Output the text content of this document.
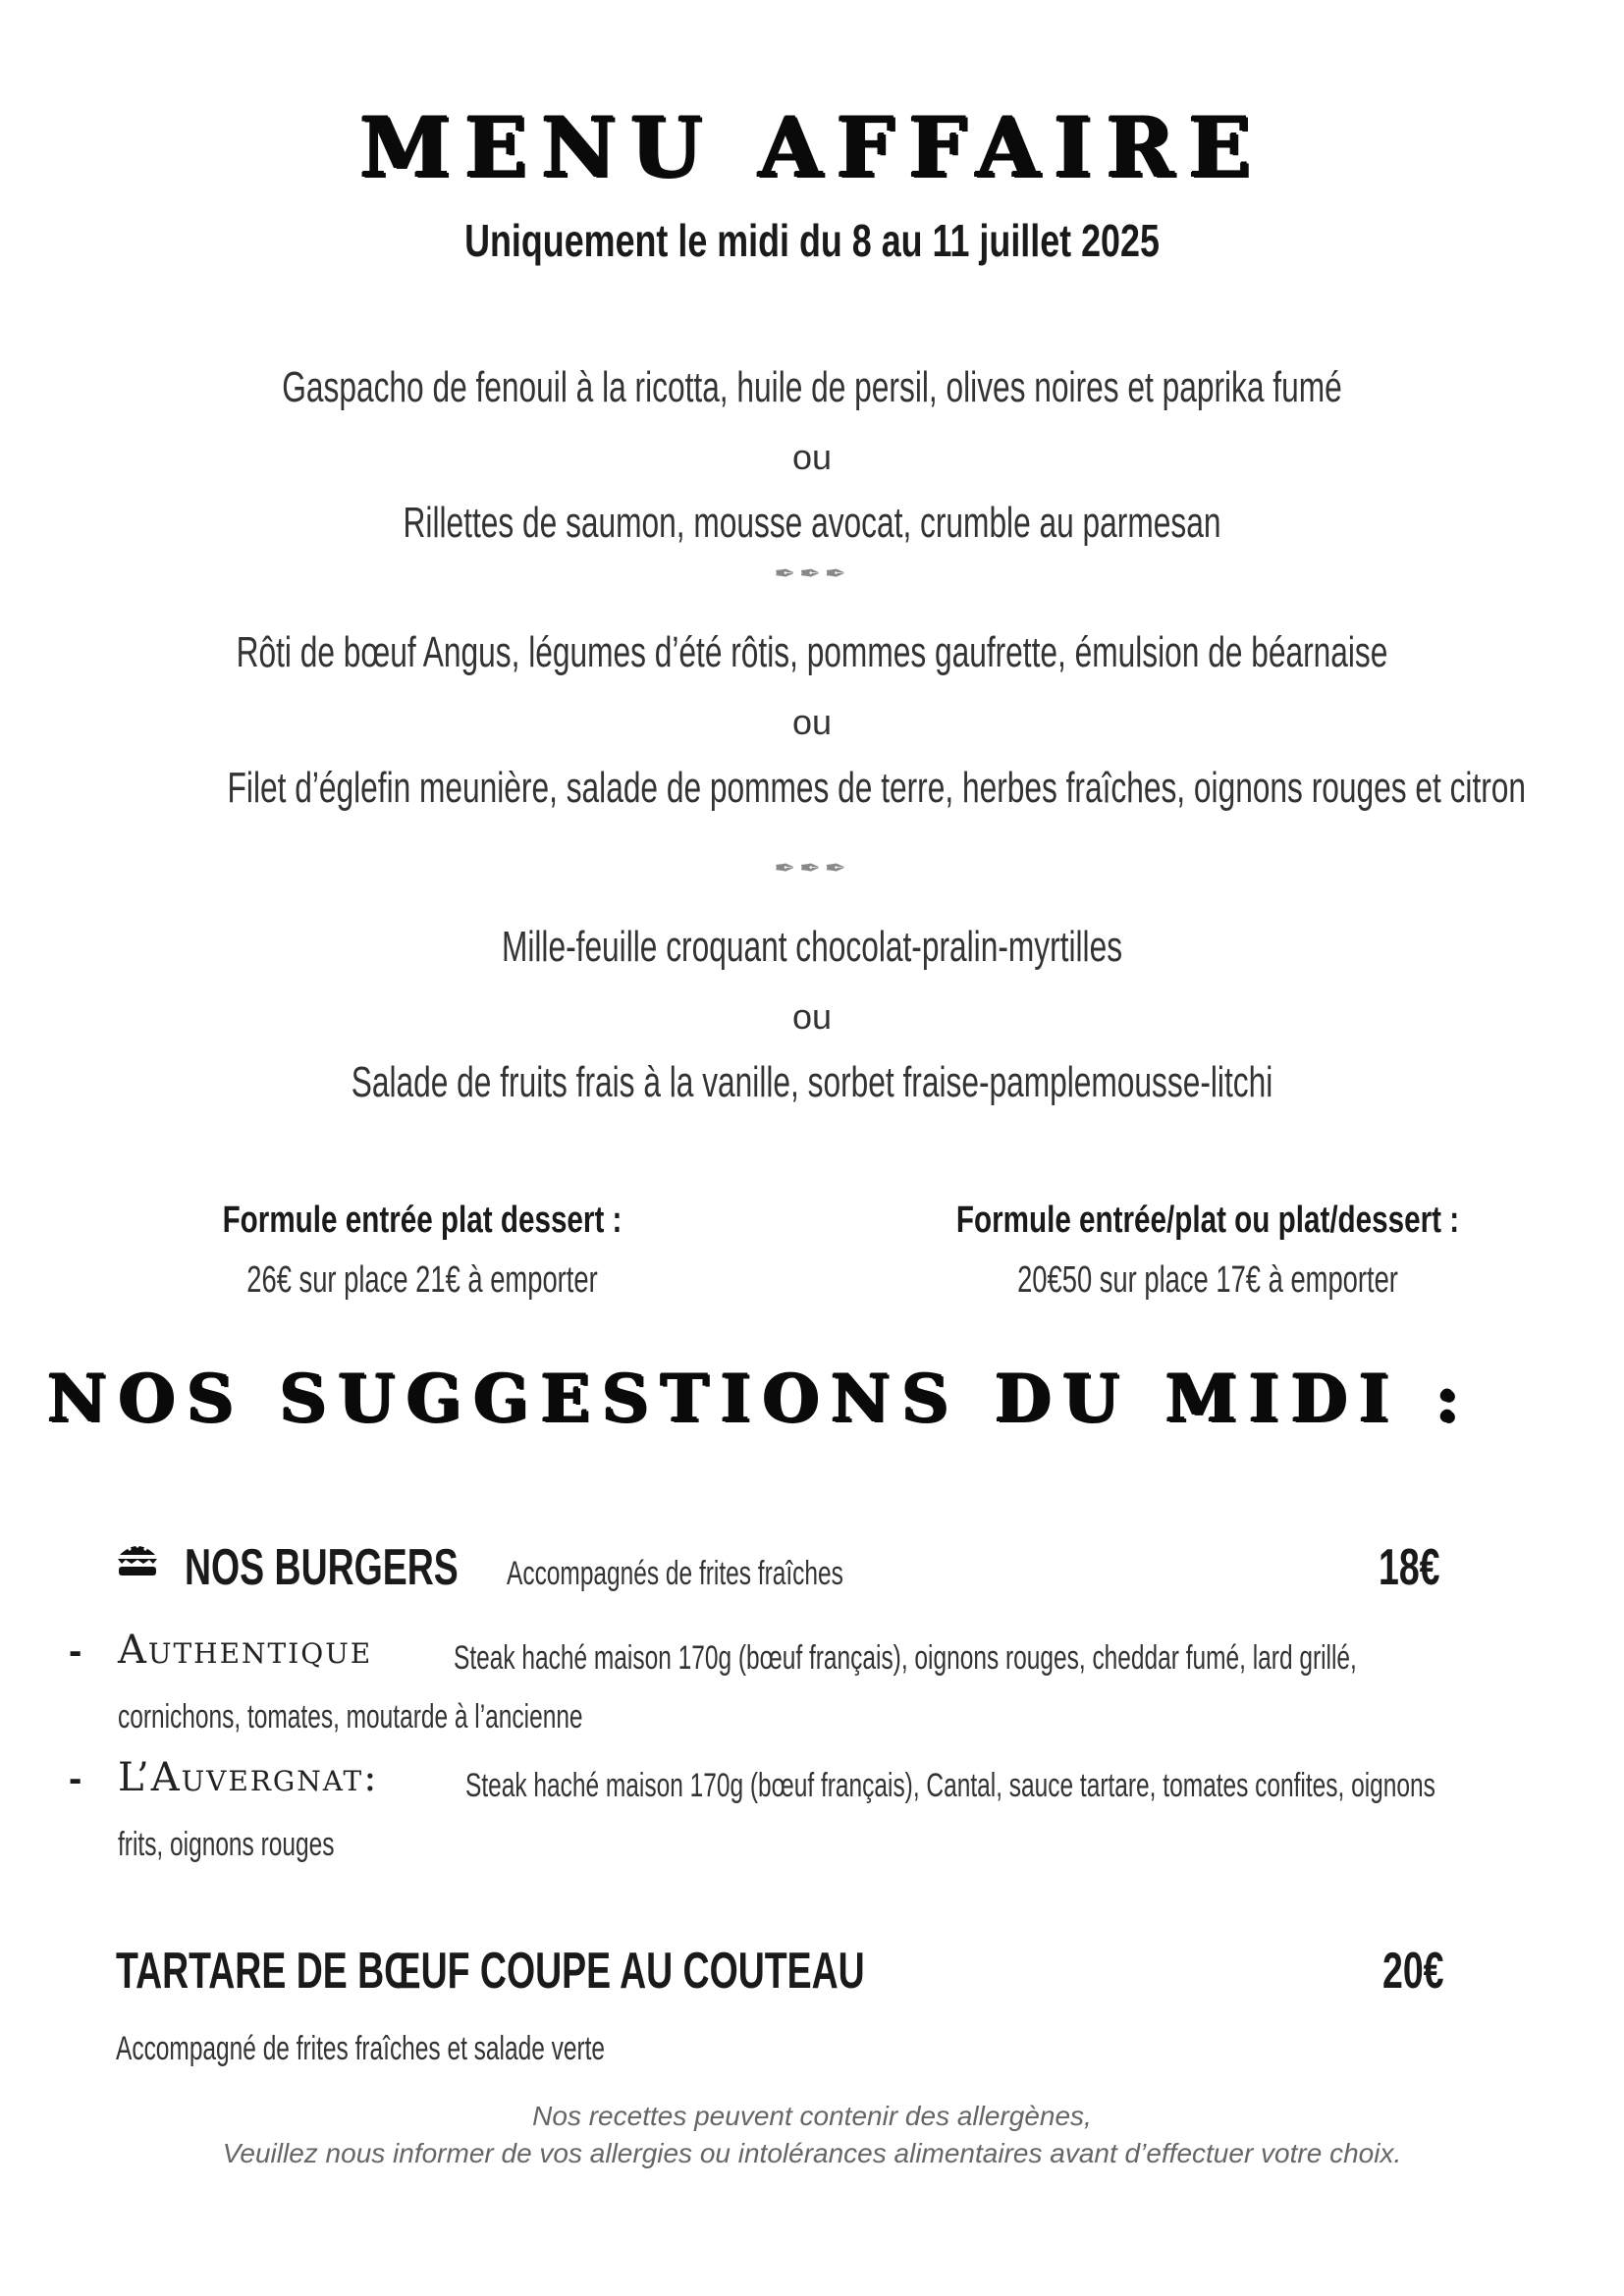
MENU AFFAIRE
Uniquement le midi du 8 au 11 juillet 2025
Gaspacho de fenouil à la ricotta, huile de persil, olives noires et paprika fumé
ou
Rillettes de saumon, mousse avocat, crumble au parmesan
✒✒✒
Rôti de bœuf Angus, légumes d’été rôtis, pommes gaufrette, émulsion de béarnaise
ou
Filet d’églefin meunière, salade de pommes de terre, herbes fraîches, oignons rouges et citron
✒✒✒
Mille-feuille croquant chocolat-pralin-myrtilles
ou
Salade de fruits frais à la vanille, sorbet fraise-pamplemousse-litchi
Formule entrée plat dessert :
26€ sur place 21€ à emporter
Formule entrée/plat ou plat/dessert :
20€50 sur place 17€ à emporter
NOS SUGGESTIONS DU MIDI :
NOS BURGERS Accompagnés de frites fraîches	18€
- Authentique Steak haché maison 170g (bœuf français), oignons rouges, cheddar fumé, lard grillé,
cornichons, tomates, moutarde à l’ancienne
- L’Auvergnat:	Steak haché maison 170g (bœuf français), Cantal, sauce tartare, tomates confites, oignons
frits, oignons rouges
TARTARE DE BŒUF COUPE AU COUTEAU	20€
Accompagné de frites fraîches et salade verte
Nos recettes peuvent contenir des allergènes,
Veuillez nous informer de vos allergies ou intolérances alimentaires avant d’effectuer votre choix.
